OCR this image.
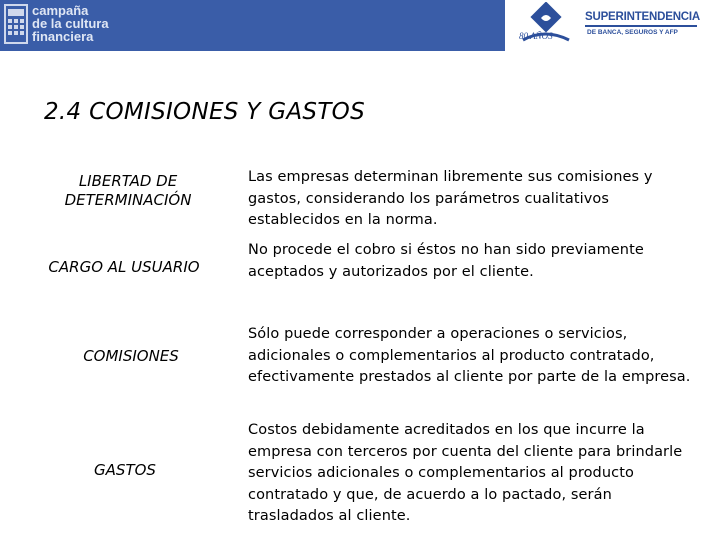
campaña
de la cultura
financiera	80 AÑOS
SUPERINTENDENCIA
DE BANCA, SEGUROS Y AFP
2.4 COMISIONES Y GASTOS
LIBERTAD DE DETERMINACIÓN
Las empresas determinan libremente sus comisiones y gastos, considerando los parámetros cualitativos establecidos en la norma.
CARGO AL USUARIO
No procede el cobro si éstos no han sido previamente aceptados y autorizados por el cliente.
COMISIONES
Sólo puede corresponder a operaciones o servicios, adicionales o complementarios al producto contratado, efectivamente prestados al cliente por parte de la empresa.
GASTOS
Costos debidamente acreditados en los que incurre la empresa con terceros por cuenta del cliente para brindarle servicios adicionales o complementarios al producto contratado y que, de acuerdo a lo pactado, serán trasladados al cliente.
